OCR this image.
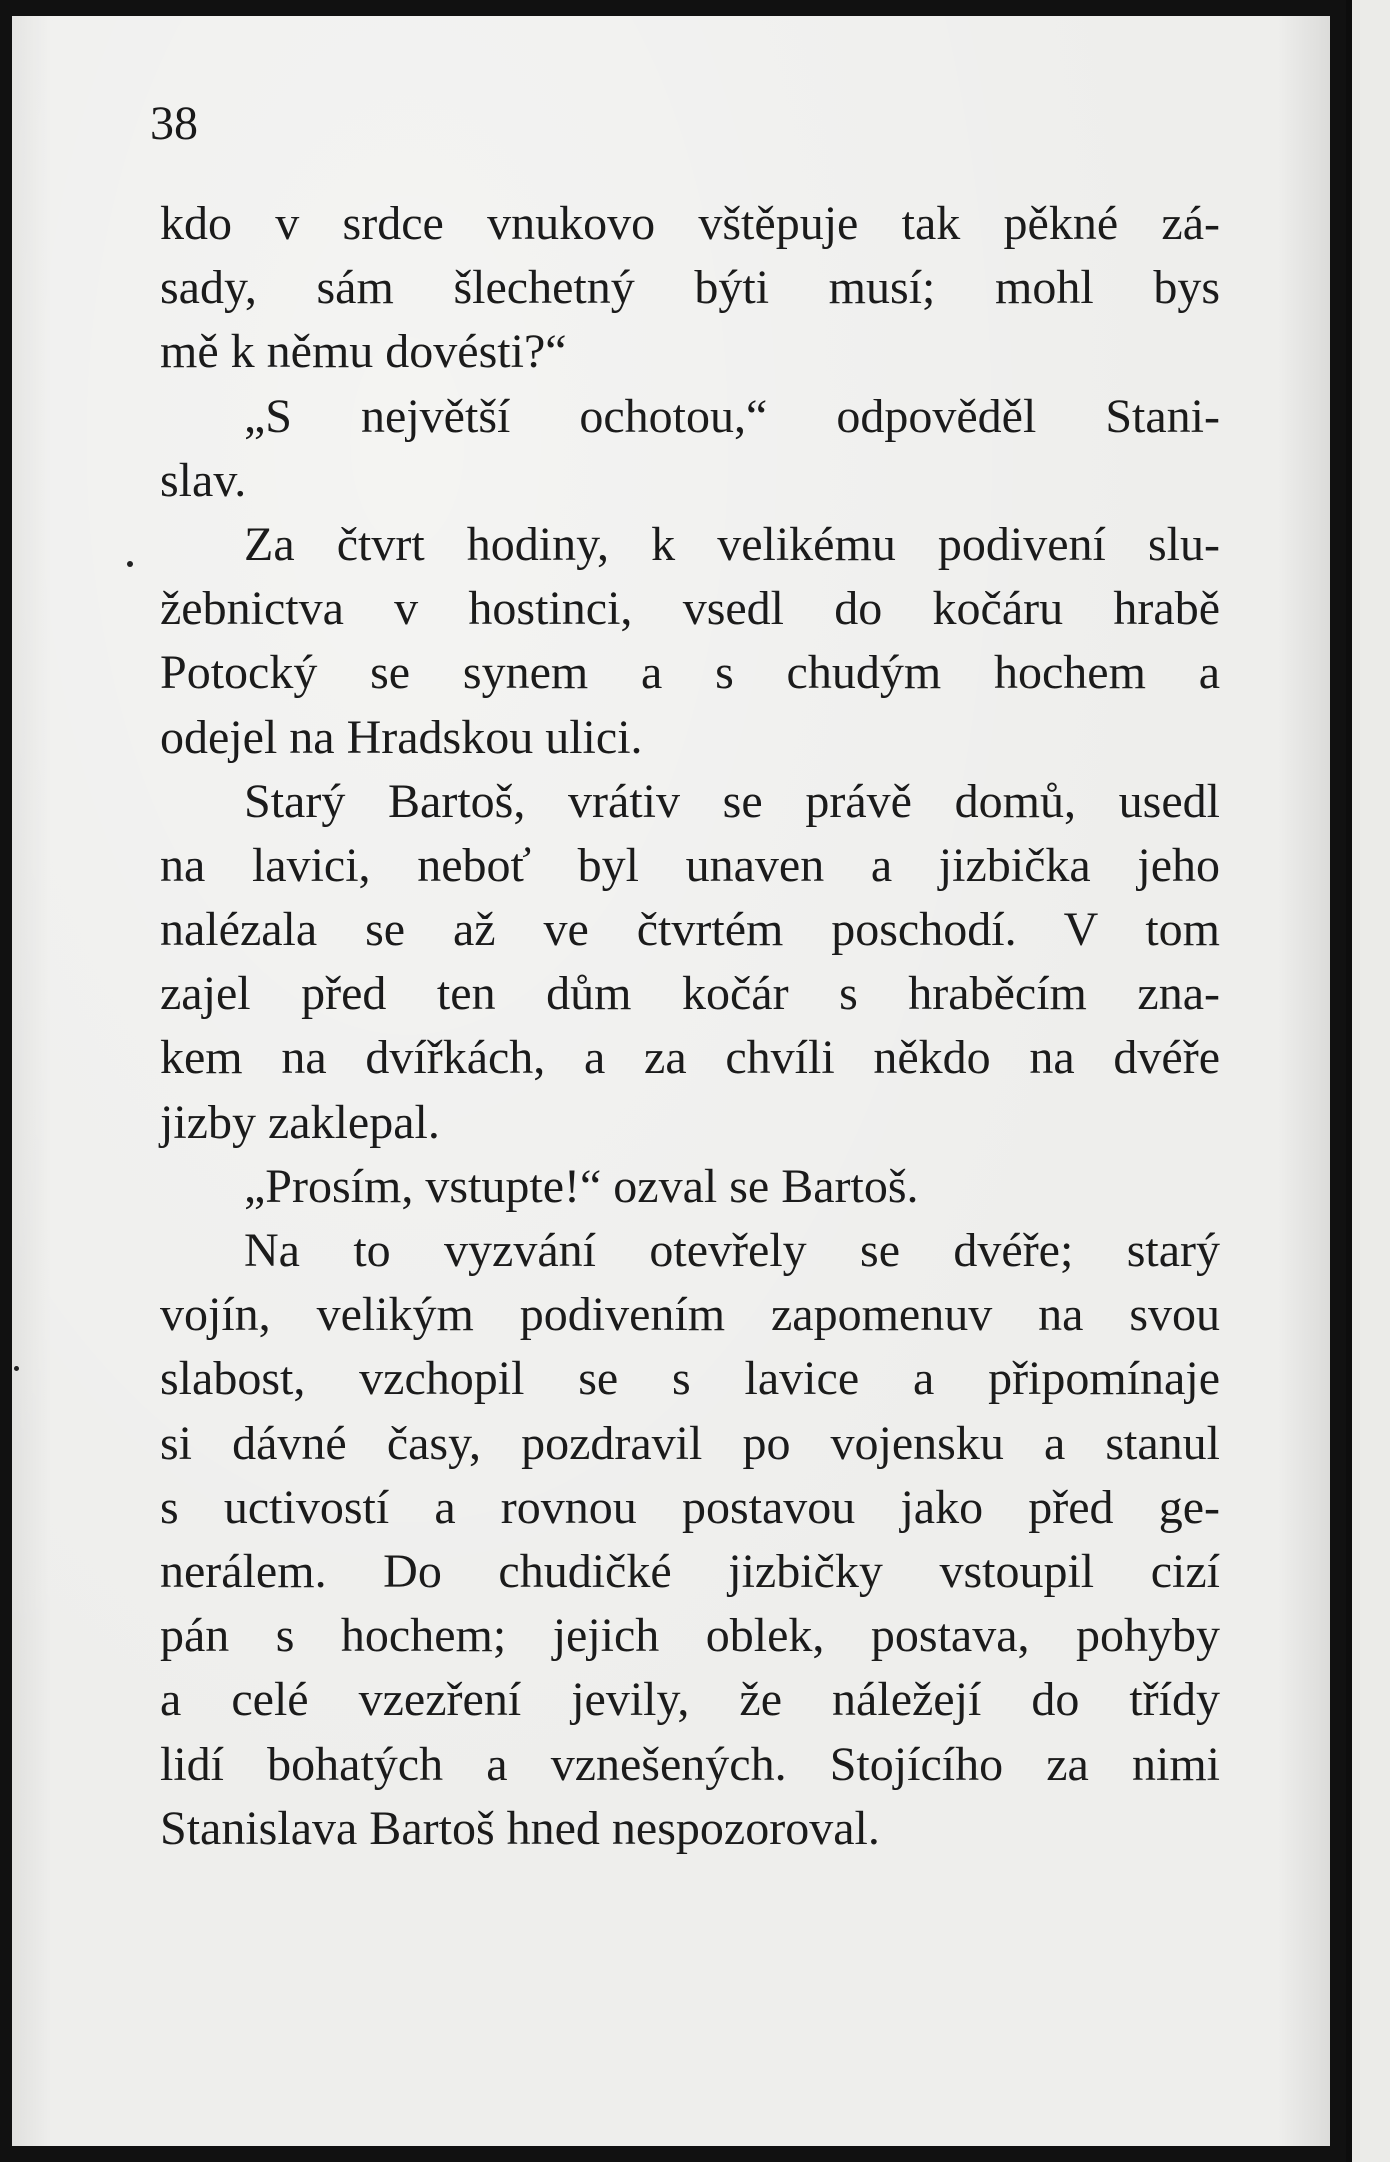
38

kdo v srdce vnukovo vštěpuje tak pěkné zá-
sady, sám šlechetný býti musí; mohl bys
mě k němu dovésti?“
„S největší ochotou,“ odpověděl Stani-
slav.
Za čtvrt hodiny, k velikému podivení slu-
žebnictva v hostinci, vsedl do kočáru hrabě
Potocký se synem a s chudým hochem a
odejel na Hradskou ulici.
Starý Bartoš, vrátiv se právě domů, usedl
na lavici, neboť byl unaven a jizbička jeho
nalézala se až ve čtvrtém poschodí. V tom
zajel před ten dům kočár s hraběcím zna-
kem na dvířkách, a za chvíli někdo na dvéře
jizby zaklepal.
„Prosím, vstupte!“ ozval se Bartoš.
Na to vyzvání otevřely se dvéře; starý
vojín, velikým podivením zapomenuv na svou
slabost, vzchopil se s lavice a připomínaje
si dávné časy, pozdravil po vojensku a stanul
s uctivostí a rovnou postavou jako před ge-
nerálem. Do chudičké jizbičky vstoupil cizí
pán s hochem; jejich oblek, postava, pohyby
a celé vzezření jevily, že náležejí do třídy
lidí bohatých a vznešených. Stojícího za nimi
Stanislava Bartoš hned nespozoroval.
